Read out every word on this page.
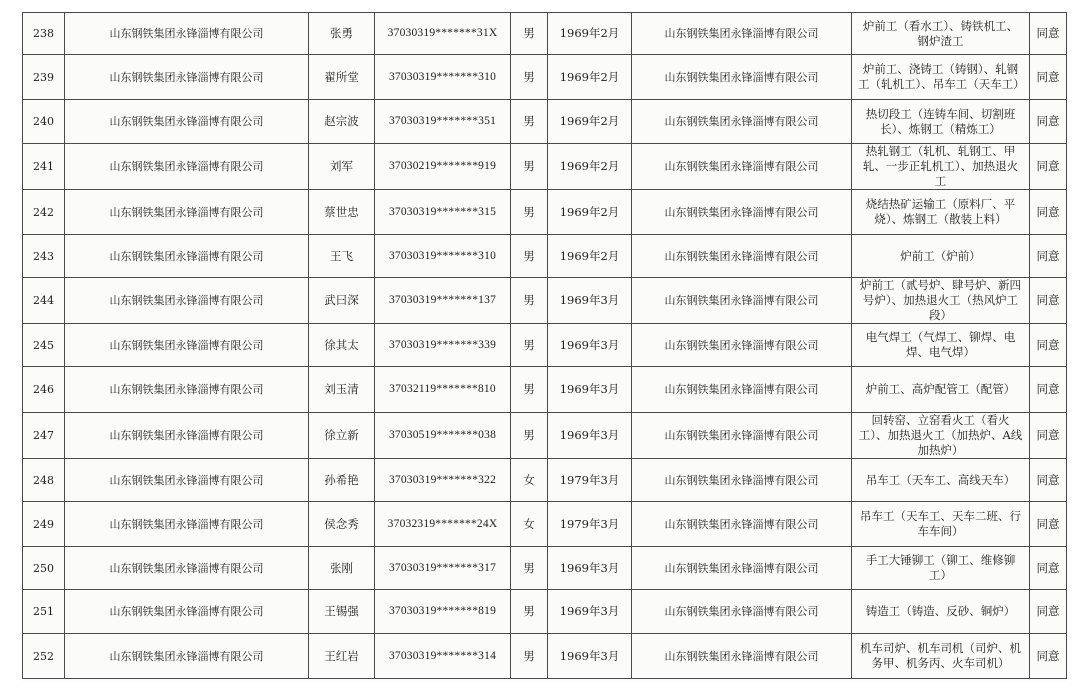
238	山东钢铁集团永锋淄博有限公司	张勇	37030319*******31X	男	1969年2月	山东钢铁集团永锋淄博有限公司	炉前工（看水工）、铸铁机工、钢炉渣工	同意
239	山东钢铁集团永锋淄博有限公司	翟所堂	37030319*******310	男	1969年2月	山东钢铁集团永锋淄博有限公司	炉前工、浇铸工（铸钢）、轧钢工（轧机工）、吊车工（天车工）	同意
240	山东钢铁集团永锋淄博有限公司	赵宗波	37030319*******351	男	1969年2月	山东钢铁集团永锋淄博有限公司	热切段工（连铸车间、切割班长）、炼钢工（精炼工）	同意
241	山东钢铁集团永锋淄博有限公司	刘军	37030219*******919	男	1969年2月	山东钢铁集团永锋淄博有限公司	热轧钢工（轧机、轧钢工、甲轧、一步正轧机工）、加热退火工	同意
242	山东钢铁集团永锋淄博有限公司	蔡世忠	37030319*******315	男	1969年2月	山东钢铁集团永锋淄博有限公司	烧结热矿运输工（原料厂、平烧）、炼钢工（散装上料）	同意
243	山东钢铁集团永锋淄博有限公司	王飞	37030319*******310	男	1969年2月	山东钢铁集团永锋淄博有限公司	炉前工（炉前）	同意
244	山东钢铁集团永锋淄博有限公司	武曰深	37030319*******137	男	1969年3月	山东钢铁集团永锋淄博有限公司	炉前工（贰号炉、肆号炉、新四号炉）、加热退火工（热风炉工段）	同意
245	山东钢铁集团永锋淄博有限公司	徐其太	37030319*******339	男	1969年3月	山东钢铁集团永锋淄博有限公司	电气焊工（气焊工、铆焊、电焊、电气焊）	同意
246	山东钢铁集团永锋淄博有限公司	刘玉清	37032119*******810	男	1969年3月	山东钢铁集团永锋淄博有限公司	炉前工、高炉配管工（配管）	同意
247	山东钢铁集团永锋淄博有限公司	徐立新	37030519*******038	男	1969年3月	山东钢铁集团永锋淄博有限公司	回转窑、立窑看火工（看火工）、加热退火工（加热炉、A线加热炉）	同意
248	山东钢铁集团永锋淄博有限公司	孙希艳	37030319*******322	女	1979年3月	山东钢铁集团永锋淄博有限公司	吊车工（天车工、高线天车）	同意
249	山东钢铁集团永锋淄博有限公司	侯念秀	37032319*******24X	女	1979年3月	山东钢铁集团永锋淄博有限公司	吊车工（天车工、天车二班、行车车间）	同意
250	山东钢铁集团永锋淄博有限公司	张刚	37030319*******317	男	1969年3月	山东钢铁集团永锋淄博有限公司	手工大锤铆工（铆工、维修铆工）	同意
251	山东钢铁集团永锋淄博有限公司	王锡强	37030319*******819	男	1969年3月	山东钢铁集团永锋淄博有限公司	铸造工（铸造、反砂、铜炉）	同意
252	山东钢铁集团永锋淄博有限公司	王红岩	37030319*******314	男	1969年3月	山东钢铁集团永锋淄博有限公司	机车司炉、机车司机（司炉、机务甲、机务丙、火车司机）	同意
